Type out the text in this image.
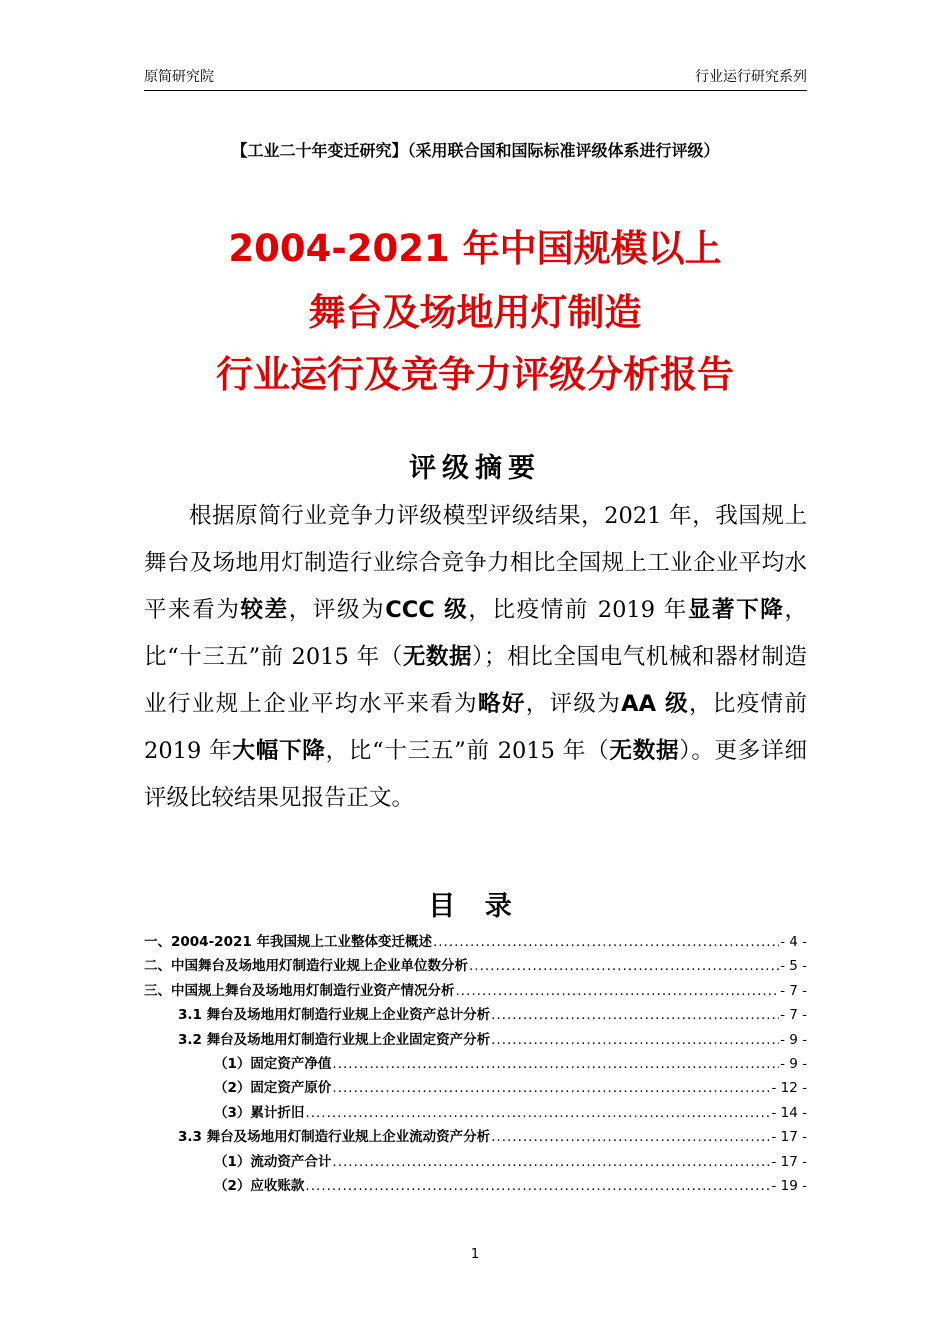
原简研究院	行业运行研究系列
【工业二十年变迁研究】（采用联合国和国际标准评级体系进行评级）
2004-2021 年中国规模以上
舞台及场地用灯制造
行业运行及竞争力评级分析报告
评级摘要
根据原简行业竞争力评级模型评级结果，2021 年，我国规上舞台及场地用灯制造行业综合竞争力相比全国规上工业企业平均水平来看为较差，评级为CCC 级，比疫情前 2019 年显著下降，比“十三五”前 2015 年（无数据）；相比全国电气机械和器材制造业行业规上企业平均水平来看为略好，评级为AA 级，比疫情前 2019 年大幅下降，比“十三五”前 2015 年（无数据）。更多详细评级比较结果见报告正文。
目 录
一、2004-2021 年我国规上工业整体变迁概述 .....	- 4 -
二、中国舞台及场地用灯制造行业规上企业单位数分析 .....	- 5 -
三、中国规上舞台及场地用灯制造行业资产情况分析 .....	- 7 -
3.1 舞台及场地用灯制造行业规上企业资产总计分析 .....	- 7 -
3.2 舞台及场地用灯制造行业规上企业固定资产分析 .....	- 9 -
（1）固定资产净值 .....	- 9 -
（2）固定资产原价 .....	- 12 -
（3）累计折旧 .....	- 14 -
3.3 舞台及场地用灯制造行业规上企业流动资产分析 .....	- 17 -
（1）流动资产合计 .....	- 17 -
（2）应收账款 .....	- 19 -
1
